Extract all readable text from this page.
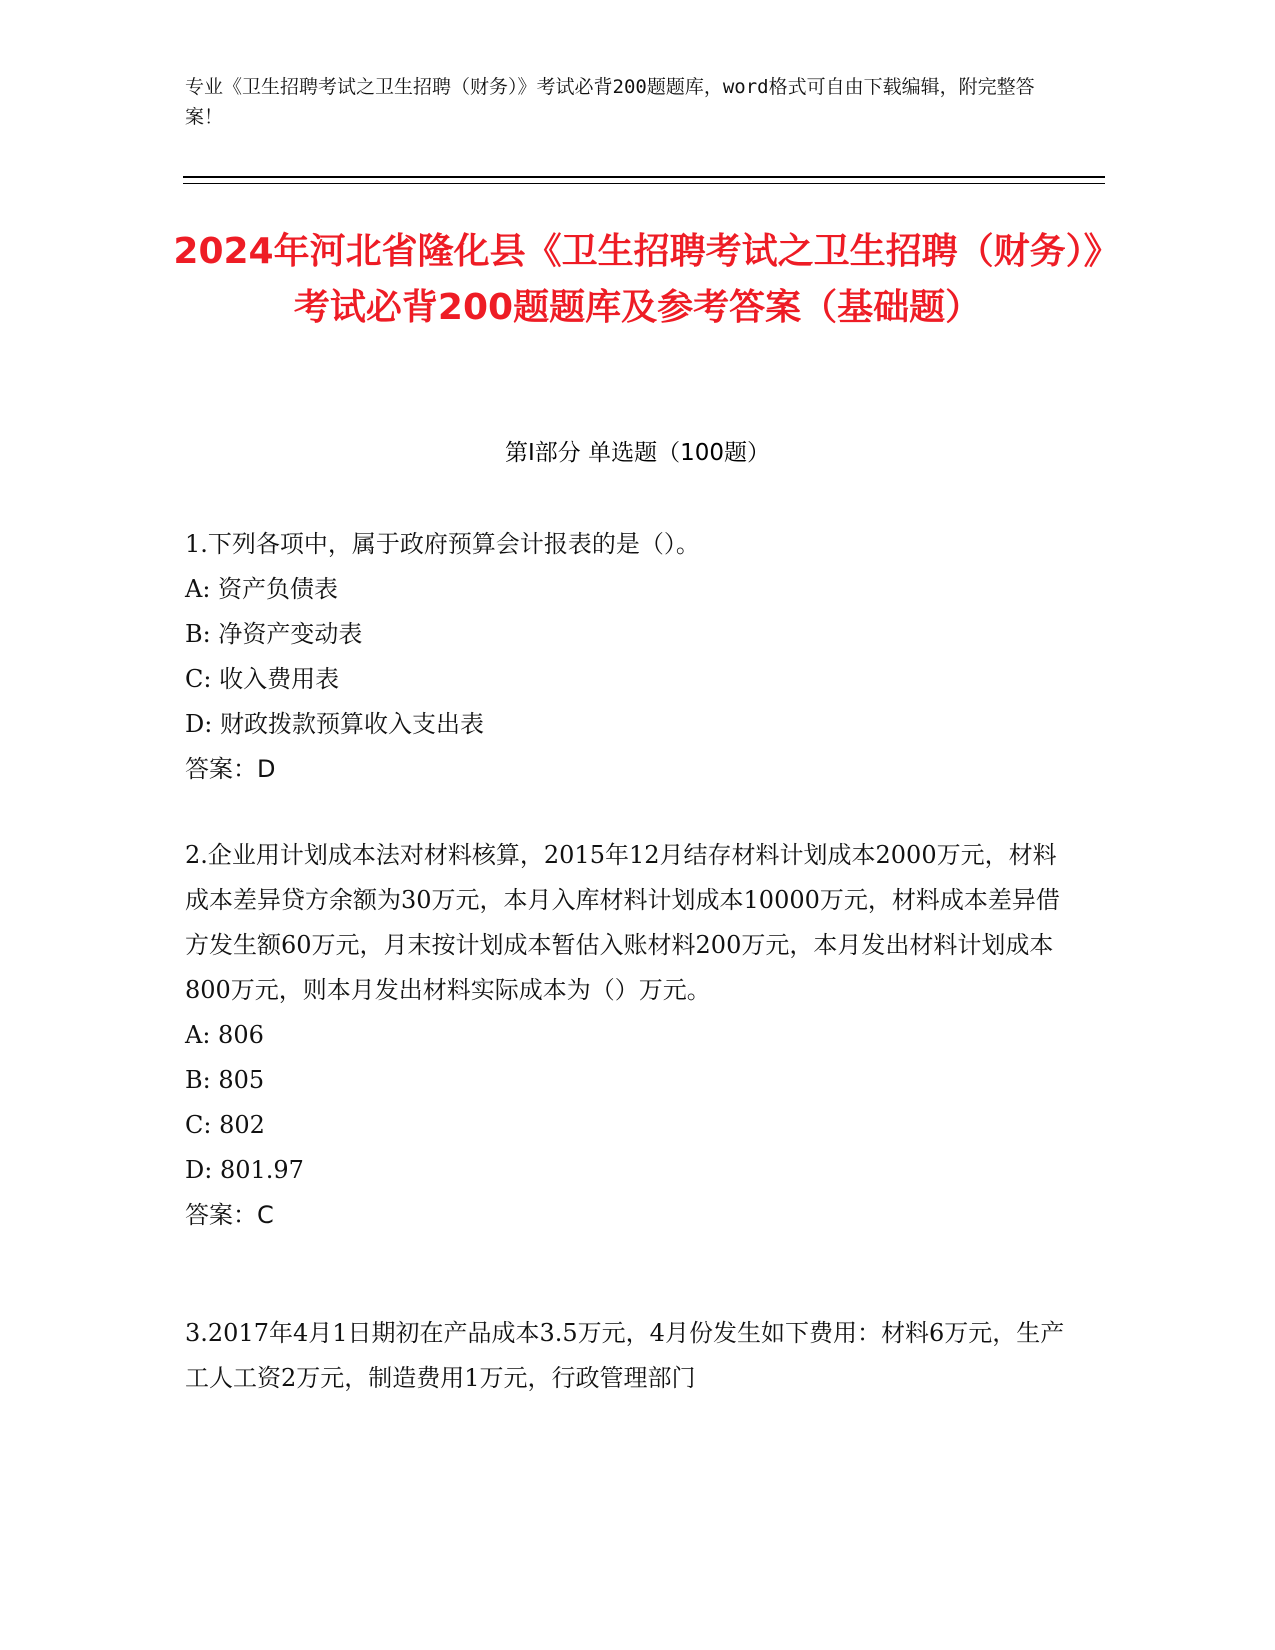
专业《卫生招聘考试之卫生招聘（财务）》考试必背200题题库，word格式可自由下载编辑，附完整答案！
2024年河北省隆化县《卫生招聘考试之卫生招聘（财务）》考试必背200题题库及参考答案（基础题）
第I部分 单选题（100题）
1.下列各项中，属于政府预算会计报表的是（）。
A: 资产负债表
B: 净资产变动表
C: 收入费用表
D: 财政拨款预算收入支出表
答案：D
2.企业用计划成本法对材料核算，2015年12月结存材料计划成本2000万元，材料成本差异贷方余额为30万元，本月入库材料计划成本10000万元，材料成本差异借方发生额60万元，月末按计划成本暂估入账材料200万元，本月发出材料计划成本800万元，则本月发出材料实际成本为（）万元。
A: 806
B: 805
C: 802
D: 801.97
答案：C
3.2017年4月1日期初在产品成本3.5万元，4月份发生如下费用：材料6万元，生产工人工资2万元，制造费用1万元，行政管理部门
